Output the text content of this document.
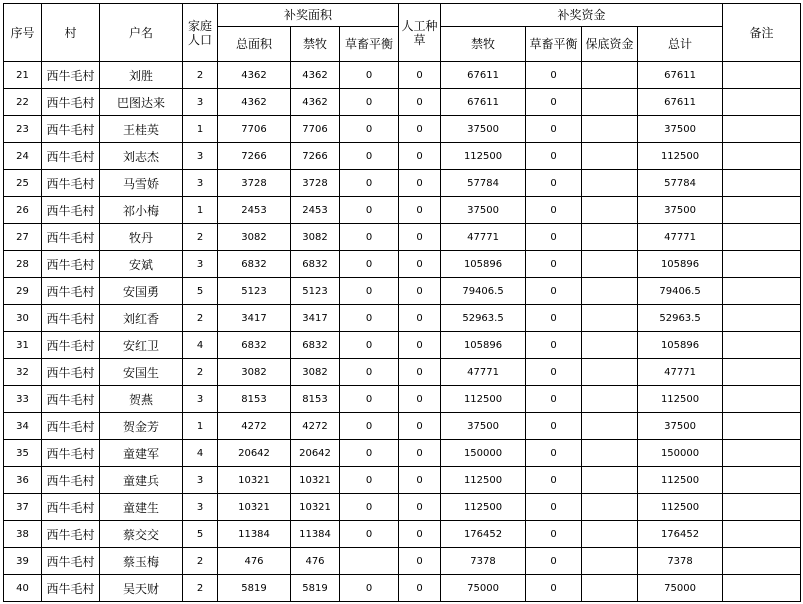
序号	村	户名	家庭人口	补奖面积			人工种草	补奖资金				备注
				总面积	禁牧	草畜平衡		禁牧	草畜平衡	保底资金	总计	
21	西牛毛村	刘胜	2	4362	4362	0	0	67611	0		67611	
22	西牛毛村	巴图达来	3	4362	4362	0	0	67611	0		67611	
23	西牛毛村	王桂英	1	7706	7706	0	0	37500	0		37500	
24	西牛毛村	刘志杰	3	7266	7266	0	0	112500	0		112500	
25	西牛毛村	马雪娇	3	3728	3728	0	0	57784	0		57784	
26	西牛毛村	祁小梅	1	2453	2453	0	0	37500	0		37500	
27	西牛毛村	牧丹	2	3082	3082	0	0	47771	0		47771	
28	西牛毛村	安斌	3	6832	6832	0	0	105896	0		105896	
29	西牛毛村	安国勇	5	5123	5123	0	0	79406.5	0		79406.5	
30	西牛毛村	刘红香	2	3417	3417	0	0	52963.5	0		52963.5	
31	西牛毛村	安红卫	4	6832	6832	0	0	105896	0		105896	
32	西牛毛村	安国生	2	3082	3082	0	0	47771	0		47771	
33	西牛毛村	贺燕	3	8153	8153	0	0	112500	0		112500	
34	西牛毛村	贺金芳	1	4272	4272	0	0	37500	0		37500	
35	西牛毛村	童建军	4	20642	20642	0	0	150000	0		150000	
36	西牛毛村	童建兵	3	10321	10321	0	0	112500	0		112500	
37	西牛毛村	童建生	3	10321	10321	0	0	112500	0		112500	
38	西牛毛村	蔡交交	5	11384	11384	0	0	176452	0		176452	
39	西牛毛村	蔡玉梅	2	476	476		0	7378	0		7378	
40	西牛毛村	吴天财	2	5819	5819	0	0	75000	0		75000	
